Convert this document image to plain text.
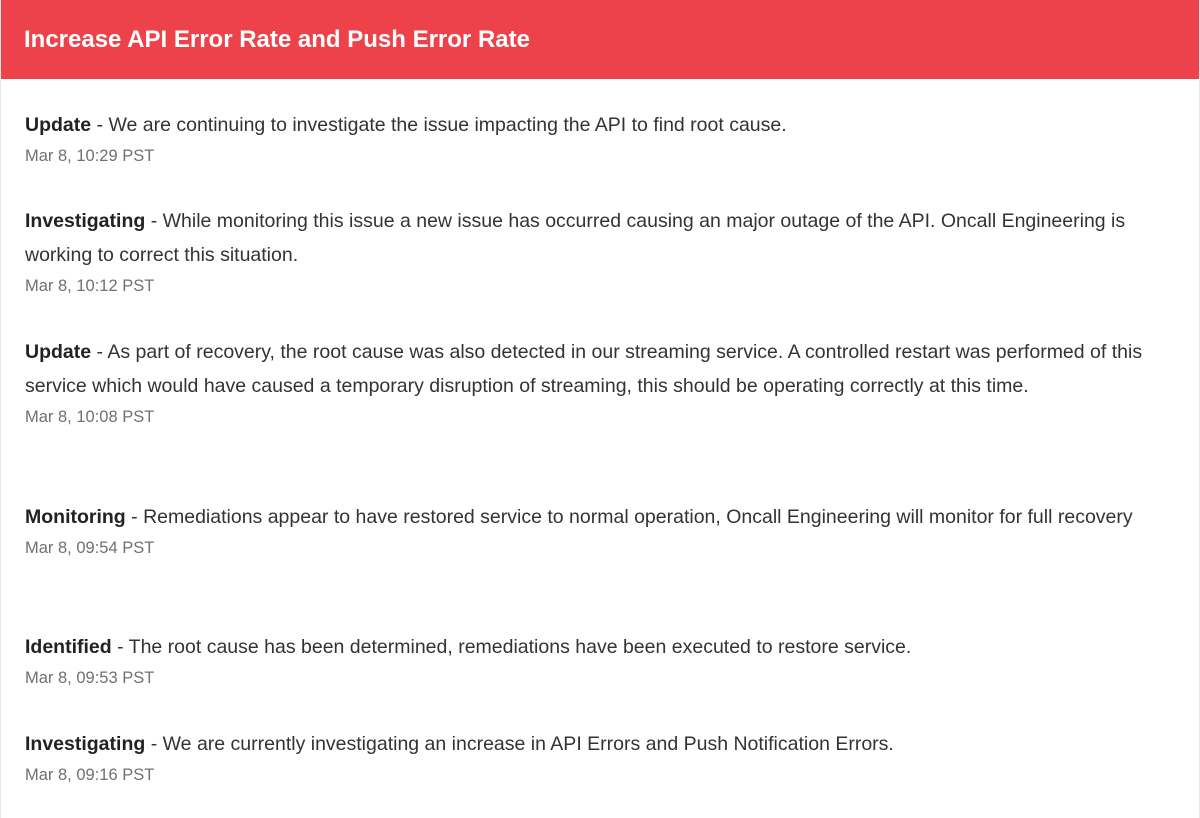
Increase API Error Rate and Push Error Rate

Update - We are continuing to investigate the issue impacting the API to find root cause.

Mar 8, 10:29 PST

Investigating - While monitoring this issue a new issue has occurred causing an major outage of the API. Oncall Engineering is working to correct this situation.

Mar 8, 10:12 PST

Update - As part of recovery, the root cause was also detected in our streaming service. A controlled restart was performed of this service which would have caused a temporary disruption of streaming, this should be operating correctly at this time.

Mar 8, 10:08 PST

Monitoring - Remediations appear to have restored service to normal operation, Oncall Engineering will monitor for full recovery

Mar 8, 09:54 PST

Identified - The root cause has been determined, remediations have been executed to restore service.

Mar 8, 09:53 PST

Investigating - We are currently investigating an increase in API Errors and Push Notification Errors.

Mar 8, 09:16 PST
